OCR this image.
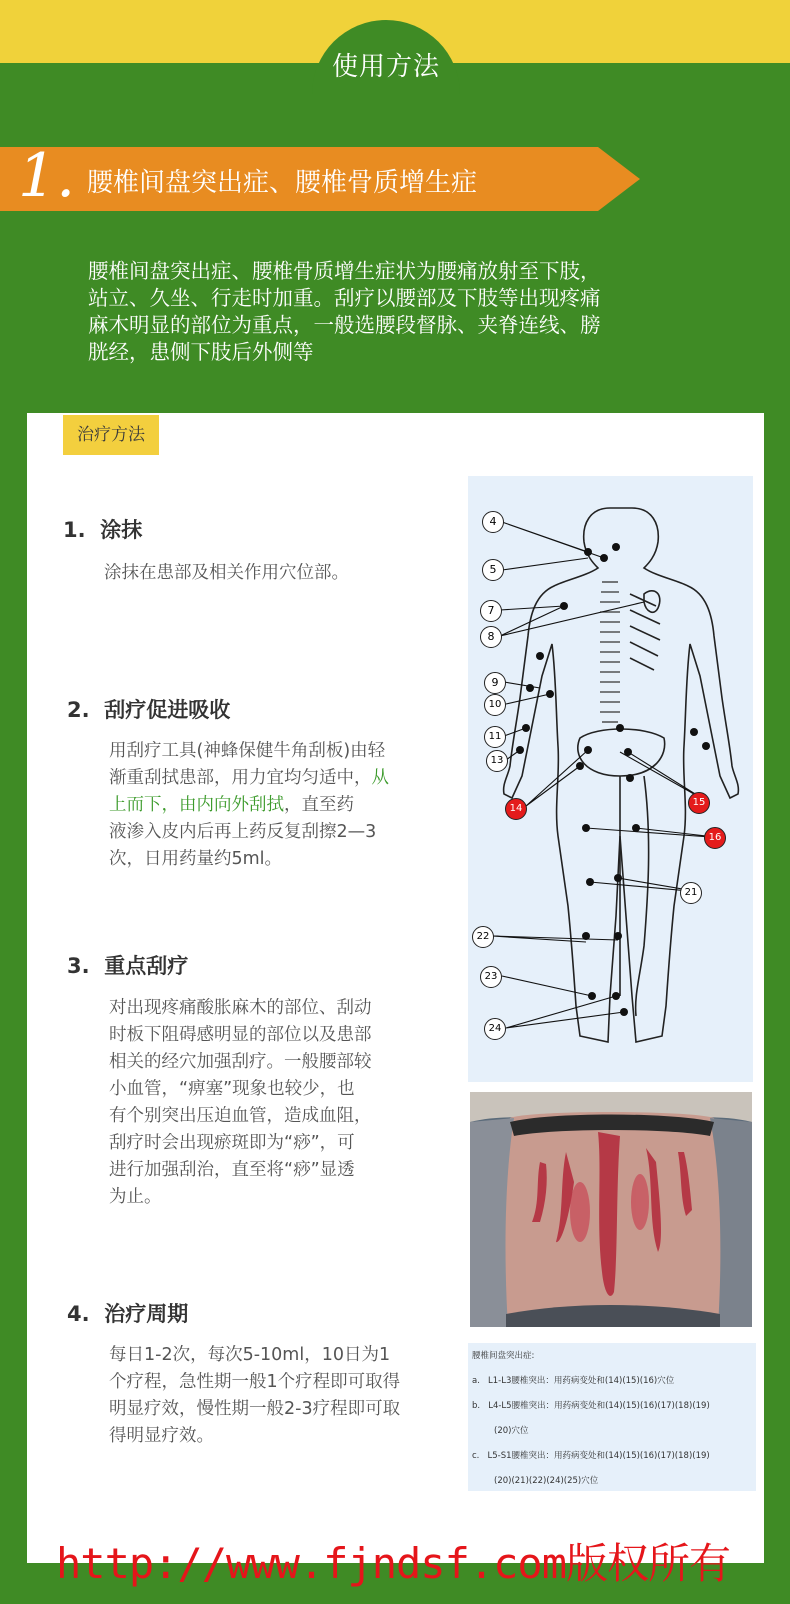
使用方法
1. 腰椎间盘突出症、腰椎骨质增生症
腰椎间盘突出症、腰椎骨质增生症状为腰痛放射至下肢，
站立、久坐、行走时加重。刮疗以腰部及下肢等出现疼痛
麻木明显的部位为重点，一般选腰段督脉、夹脊连线、膀
胱经，患侧下肢后外侧等
治疗方法
1. 涂抹
涂抹在患部及相关作用穴位部。
2. 刮疗促进吸收
用刮疗工具(神蜂保健牛角刮板)由轻
渐重刮拭患部，用力宜均匀适中，从
上而下，由内向外刮拭，直至药
液渗入皮内后再上药反复刮擦2—3
次，日用药量约5ml。
3. 重点刮疗
对出现疼痛酸胀麻木的部位、刮动
时板下阻碍感明显的部位以及患部
相关的经穴加强刮疗。一般腰部较
小血管，“痹塞”现象也较少，也
有个别突出压迫血管，造成血阻，
刮疗时会出现瘀斑即为“痧”，可
进行加强刮治，直至将“痧”显透
为止。
4. 治疗周期
每日1-2次，每次5-10ml，10日为1
个疗程，急性期一般1个疗程即可取得
明显疗效，慢性期一般2-3疗程即可取
得明显疗效。
4
5
7
8
9
10
11
13
14
15
16
21
22
23
24
腰椎间盘突出症:
a. L1-L3腰椎突出：用药病变处和(14)(15)(16)穴位
b. L4-L5腰椎突出：用药病变处和(14)(15)(16)(17)(18)(19)
(20)穴位
c. L5-S1腰椎突出：用药病变处和(14)(15)(16)(17)(18)(19)
(20)(21)(22)(24)(25)穴位
http://www.fjndsf.com版权所有
